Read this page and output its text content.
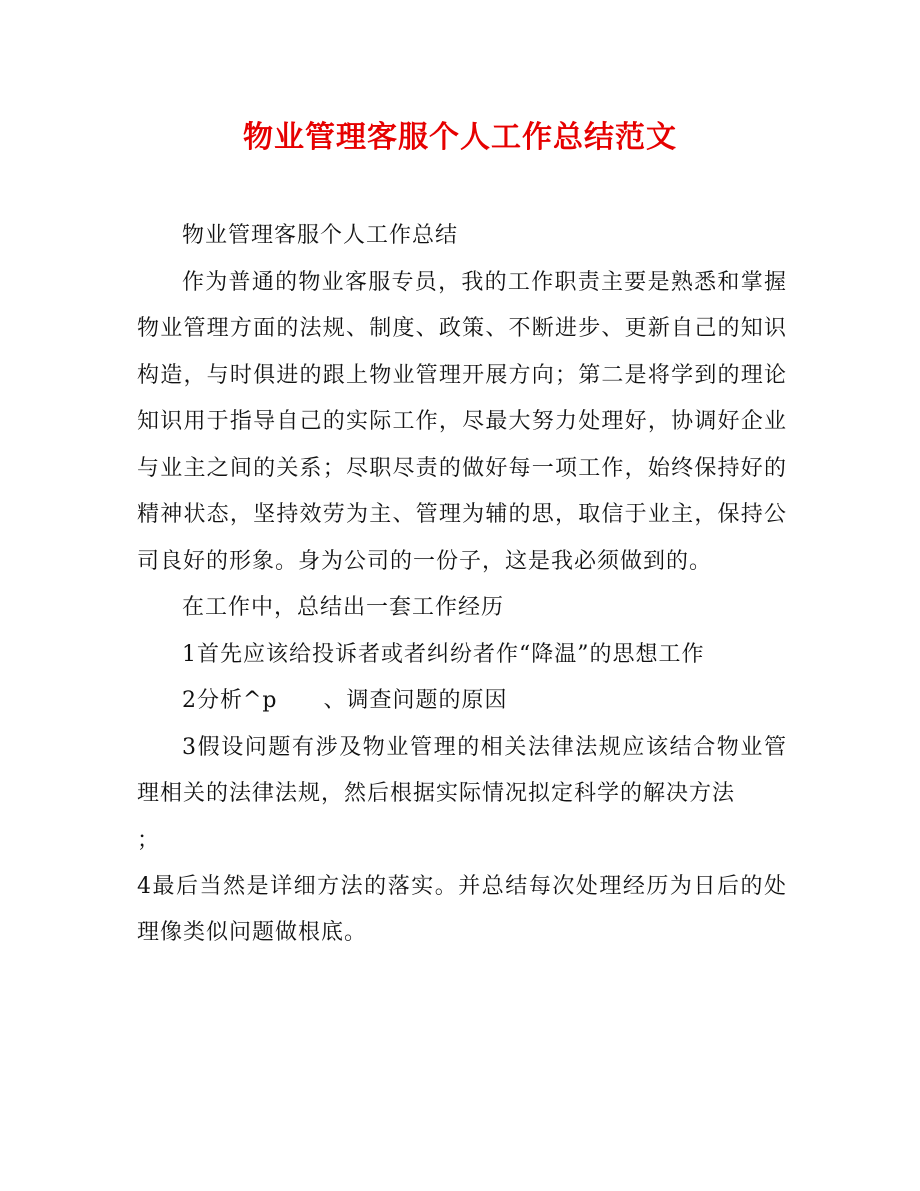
物业管理客服个人工作总结范文

物业管理客服个人工作总结

作为普通的物业客服专员，我的工作职责主要是熟悉和掌握物业管理方面的法规、制度、政策、不断进步、更新自己的知识构造，与时俱进的跟上物业管理开展方向；第二是将学到的理论知识用于指导自己的实际工作，尽最大努力处理好，协调好企业与业主之间的关系；尽职尽责的做好每一项工作，始终保持好的精神状态，坚持效劳为主、管理为辅的思，取信于业主，保持公司良好的形象。身为公司的一份子，这是我必须做到的。

在工作中，总结出一套工作经历

1首先应该给投诉者或者纠纷者作“降温”的思想工作

2分析^p　　、调查问题的原因

3假设问题有涉及物业管理的相关法律法规应该结合物业管理相关的法律法规，然后根据实际情况拟定科学的解决方法

；

4最后当然是详细方法的落实。并总结每次处理经历为日后的处理像类似问题做根底。
